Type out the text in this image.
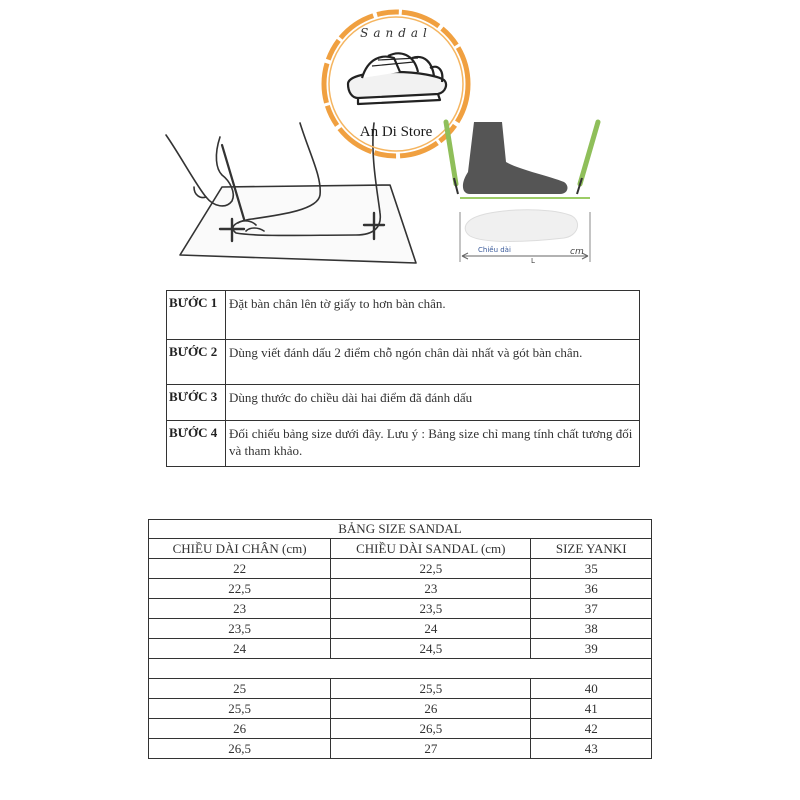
Sandal
An Di Store
Chiều dài
L
cm
BƯỚC 1	Đặt bàn chân lên tờ giấy to hơn bàn chân.
BƯỚC 2	Dùng viết đánh dấu 2 điểm chỗ ngón chân dài nhất và gót bàn chân.
BƯỚC 3	Dùng thước đo chiều dài hai điểm đã đánh dấu
BƯỚC 4	Đối chiếu bảng size dưới đây. Lưu ý : Bảng size chỉ mang tính chất tương đối và tham khảo.
BẢNG SIZE SANDAL		
CHIỀU DÀI CHÂN (cm)	CHIỀU DÀI SANDAL (cm)	SIZE YANKI
22	22,5	35
22,5	23	36
23	23,5	37
23,5	24	38
24	24,5	39

25	25,5	40
25,5	26	41
26	26,5	42
26,5	27	43
